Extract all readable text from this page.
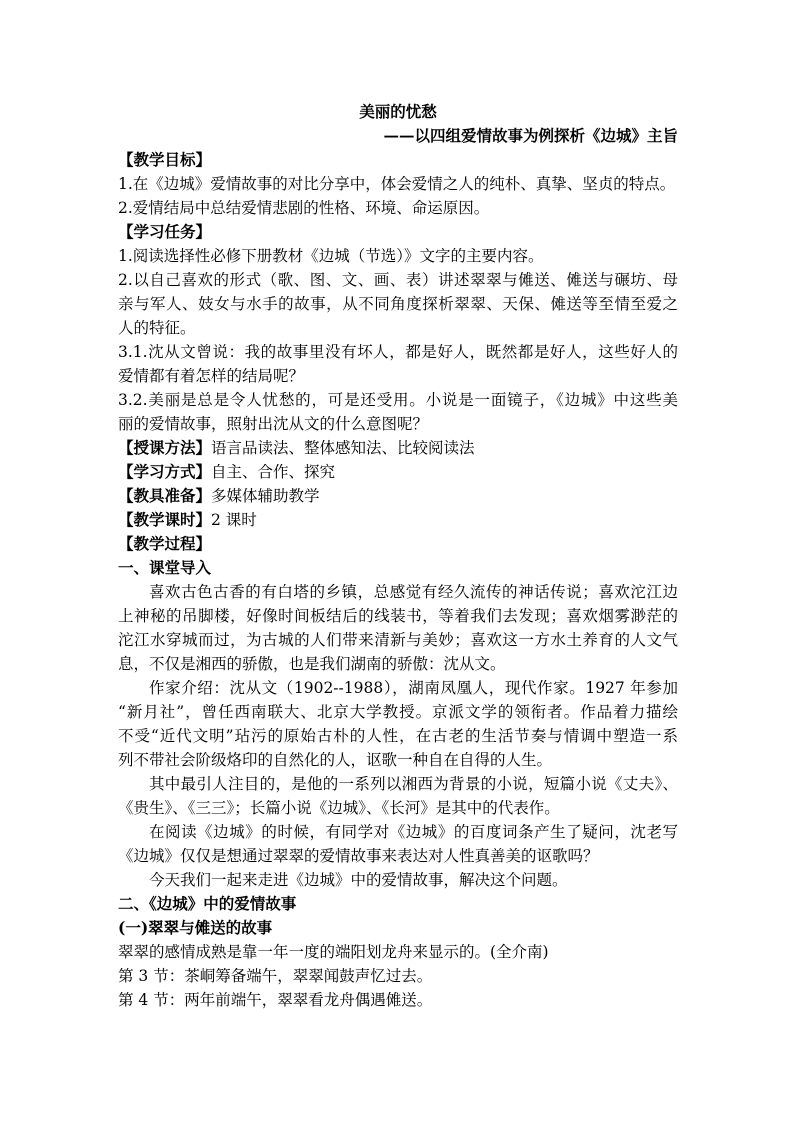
美丽的忧愁
——以四组爱情故事为例探析《边城》主旨
【教学目标】
1.在《边城》爱情故事的对比分享中，体会爱情之人的纯朴、真挚、坚贞的特点。
2.爱情结局中总结爱情悲剧的性格、环境、命运原因。
【学习任务】
1.阅读选择性必修下册教材《边城（节选）》文字的主要内容。
2.以自己喜欢的形式（歌、图、文、画、表）讲述翠翠与傩送、傩送与碾坊、母
亲与军人、妓女与水手的故事，从不同角度探析翠翠、天保、傩送等至情至爱之
人的特征。
3.1.沈从文曾说：我的故事里没有坏人，都是好人，既然都是好人，这些好人的
爱情都有着怎样的结局呢？
3.2.美丽是总是令人忧愁的，可是还受用。小说是一面镜子，《边城》中这些美
丽的爱情故事，照射出沈从文的什么意图呢？
【授课方法】语言品读法、整体感知法、比较阅读法
【学习方式】自主、合作、探究
【教具准备】多媒体辅助教学
【教学课时】2 课时
【教学过程】
一、课堂导入
喜欢古色古香的有白塔的乡镇，总感觉有经久流传的神话传说；喜欢沱江边
上神秘的吊脚楼，好像时间板结后的线装书，等着我们去发现；喜欢烟雾渺茫的
沱江水穿城而过，为古城的人们带来清新与美妙；喜欢这一方水土养育的人文气
息，不仅是湘西的骄傲，也是我们湖南的骄傲：沈从文。
作家介绍：沈从文（1902--1988），湖南凤凰人，现代作家。1927 年参加
“新月社”，曾任西南联大、北京大学教授。京派文学的领衔者。作品着力描绘
不受“近代文明”玷污的原始古朴的人性，在古老的生活节奏与情调中塑造一系
列不带社会阶级烙印的自然化的人，讴歌一种自在自得的人生。
其中最引人注目的，是他的一系列以湘西为背景的小说，短篇小说《丈夫》、
《贵生》、《三三》；长篇小说《边城》、《长河》是其中的代表作。
在阅读《边城》的时候，有同学对《边城》的百度词条产生了疑问，沈老写
《边城》仅仅是想通过翠翠的爱情故事来表达对人性真善美的讴歌吗？
今天我们一起来走进《边城》中的爱情故事，解决这个问题。
二、《边城》中的爱情故事
(一)翠翠与傩送的故事
翠翠的感情成熟是靠一年一度的端阳划龙舟来显示的。(全介南)
第 3 节：茶峒筹备端午，翠翠闻鼓声忆过去。
第 4 节：两年前端午，翠翠看龙舟偶遇傩送。
